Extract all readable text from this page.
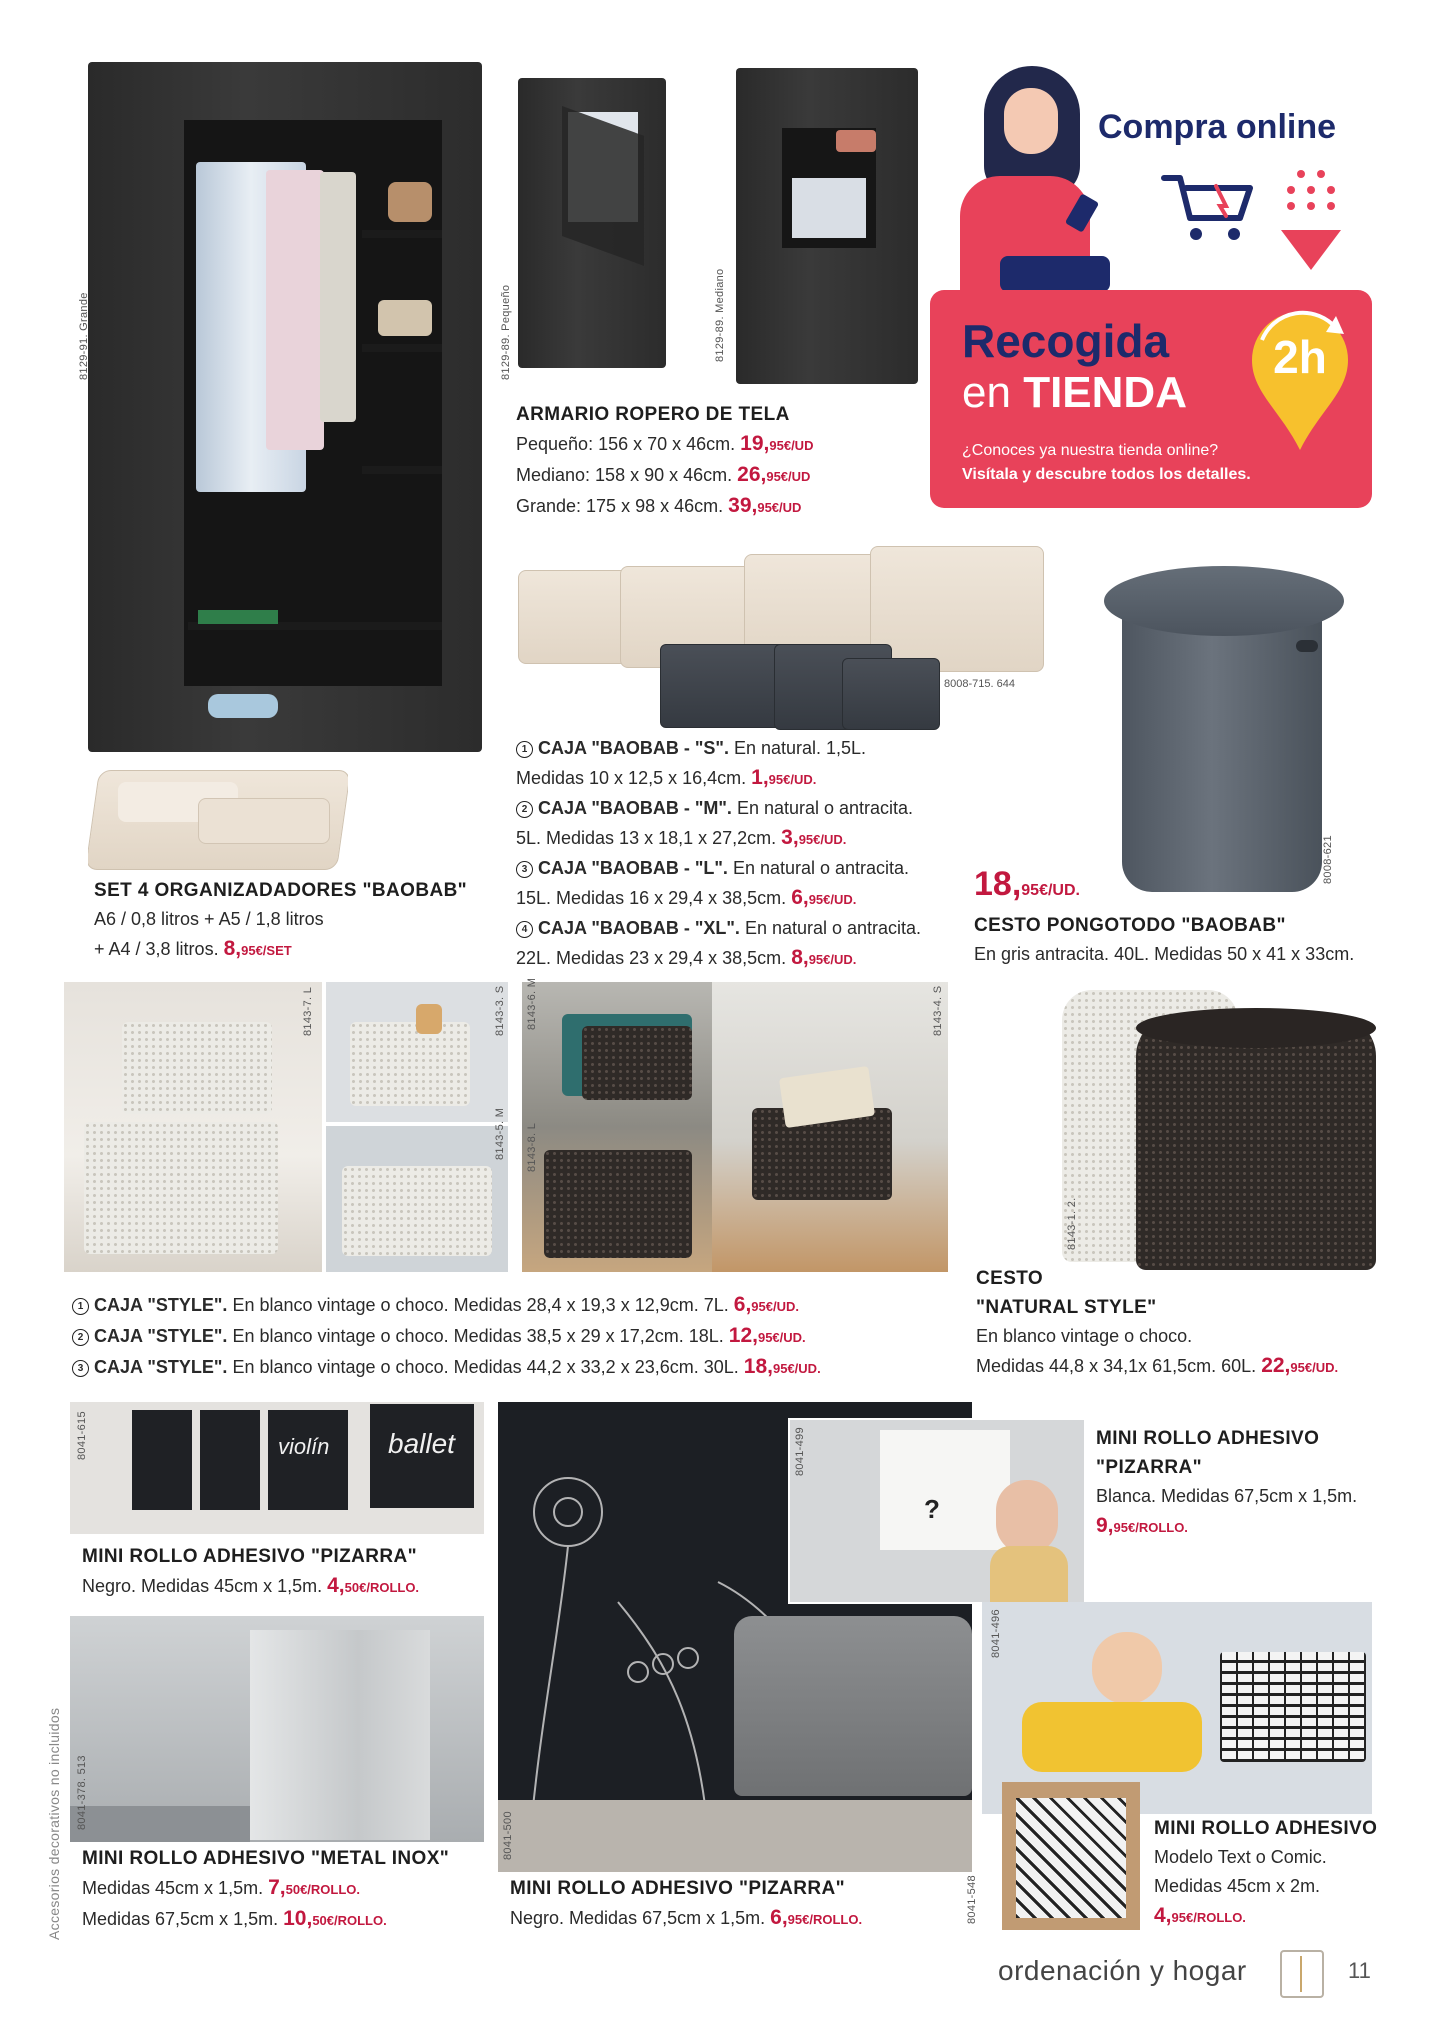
8129-91. Grande	8129-89. Pequeño	8129-89. Mediano
ARMARIO ROPERO DE TELA
Pequeño: 156 x 70 x 46cm. 19,95€/UD
Mediano: 158 x 90 x 46cm. 26,95€/UD
Grande: 175 x 98 x 46cm. 39,95€/UD
Compra online
Recogida
en TIENDA
2h
¿Conoces ya nuestra tienda online?
Visítala y descubre todos los detalles.
8008-715. 644
1 CAJA "BAOBAB - "S". En natural. 1,5L.
Medidas 10 x 12,5 x 16,4cm. 1,95€/UD.
2 CAJA "BAOBAB - "M". En natural o antracita.
5L. Medidas 13 x 18,1 x 27,2cm. 3,95€/UD.
3 CAJA "BAOBAB - "L". En natural o antracita.
15L. Medidas 16 x 29,4 x 38,5cm. 6,95€/UD.
4 CAJA "BAOBAB - "XL". En natural o antracita.
22L. Medidas 23 x 29,4 x 38,5cm. 8,95€/UD.
SET 4 ORGANIZADADORES "BAOBAB"
A6 / 0,8 litros + A5 / 1,8 litros
+ A4 / 3,8 litros. 8,95€/SET
8008-621
18,95€/UD.
CESTO PONGOTODO "BAOBAB"
En gris antracita. 40L. Medidas 50 x 41 x 33cm.
8143-7. L	8143-3. S
8143-5. M
8143-6. M
8143-8. L
8143-4. S
1 CAJA "STYLE". En blanco vintage o choco. Medidas 28,4 x 19,3 x 12,9cm. 7L. 6,95€/UD.
2 CAJA "STYLE". En blanco vintage o choco. Medidas 38,5 x 29 x 17,2cm. 18L. 12,95€/UD.
3 CAJA "STYLE". En blanco vintage o choco. Medidas 44,2 x 33,2 x 23,6cm. 30L. 18,95€/UD.
8143-1. 2.
CESTO
"NATURAL STYLE"
En blanco vintage o choco.
Medidas 44,8 x 34,1x 61,5cm. 60L. 22,95€/UD.
violín ballet
8041-615
MINI ROLLO ADHESIVO "PIZARRA"
Negro. Medidas 45cm x 1,5m. 4,50€/ROLLO.
8041-378. 513
MINI ROLLO ADHESIVO "METAL INOX"
Medidas 45cm x 1,5m. 7,50€/ROLLO.
Medidas 67,5cm x 1,5m. 10,50€/ROLLO.
8041-500
MINI ROLLO ADHESIVO "PIZARRA"
Negro. Medidas 67,5cm x 1,5m. 6,95€/ROLLO.
?
8041-499	MINI ROLLO ADHESIVO
"PIZARRA"
Blanca. Medidas 67,5cm x 1,5m.
9,95€/ROLLO.
8041-496
8041-548
MINI ROLLO ADHESIVO
Modelo Text o Comic.
Medidas 45cm x 2m.
4,95€/ROLLO.
Accesorios decorativos no incluidos
ordenación y hogar	11
